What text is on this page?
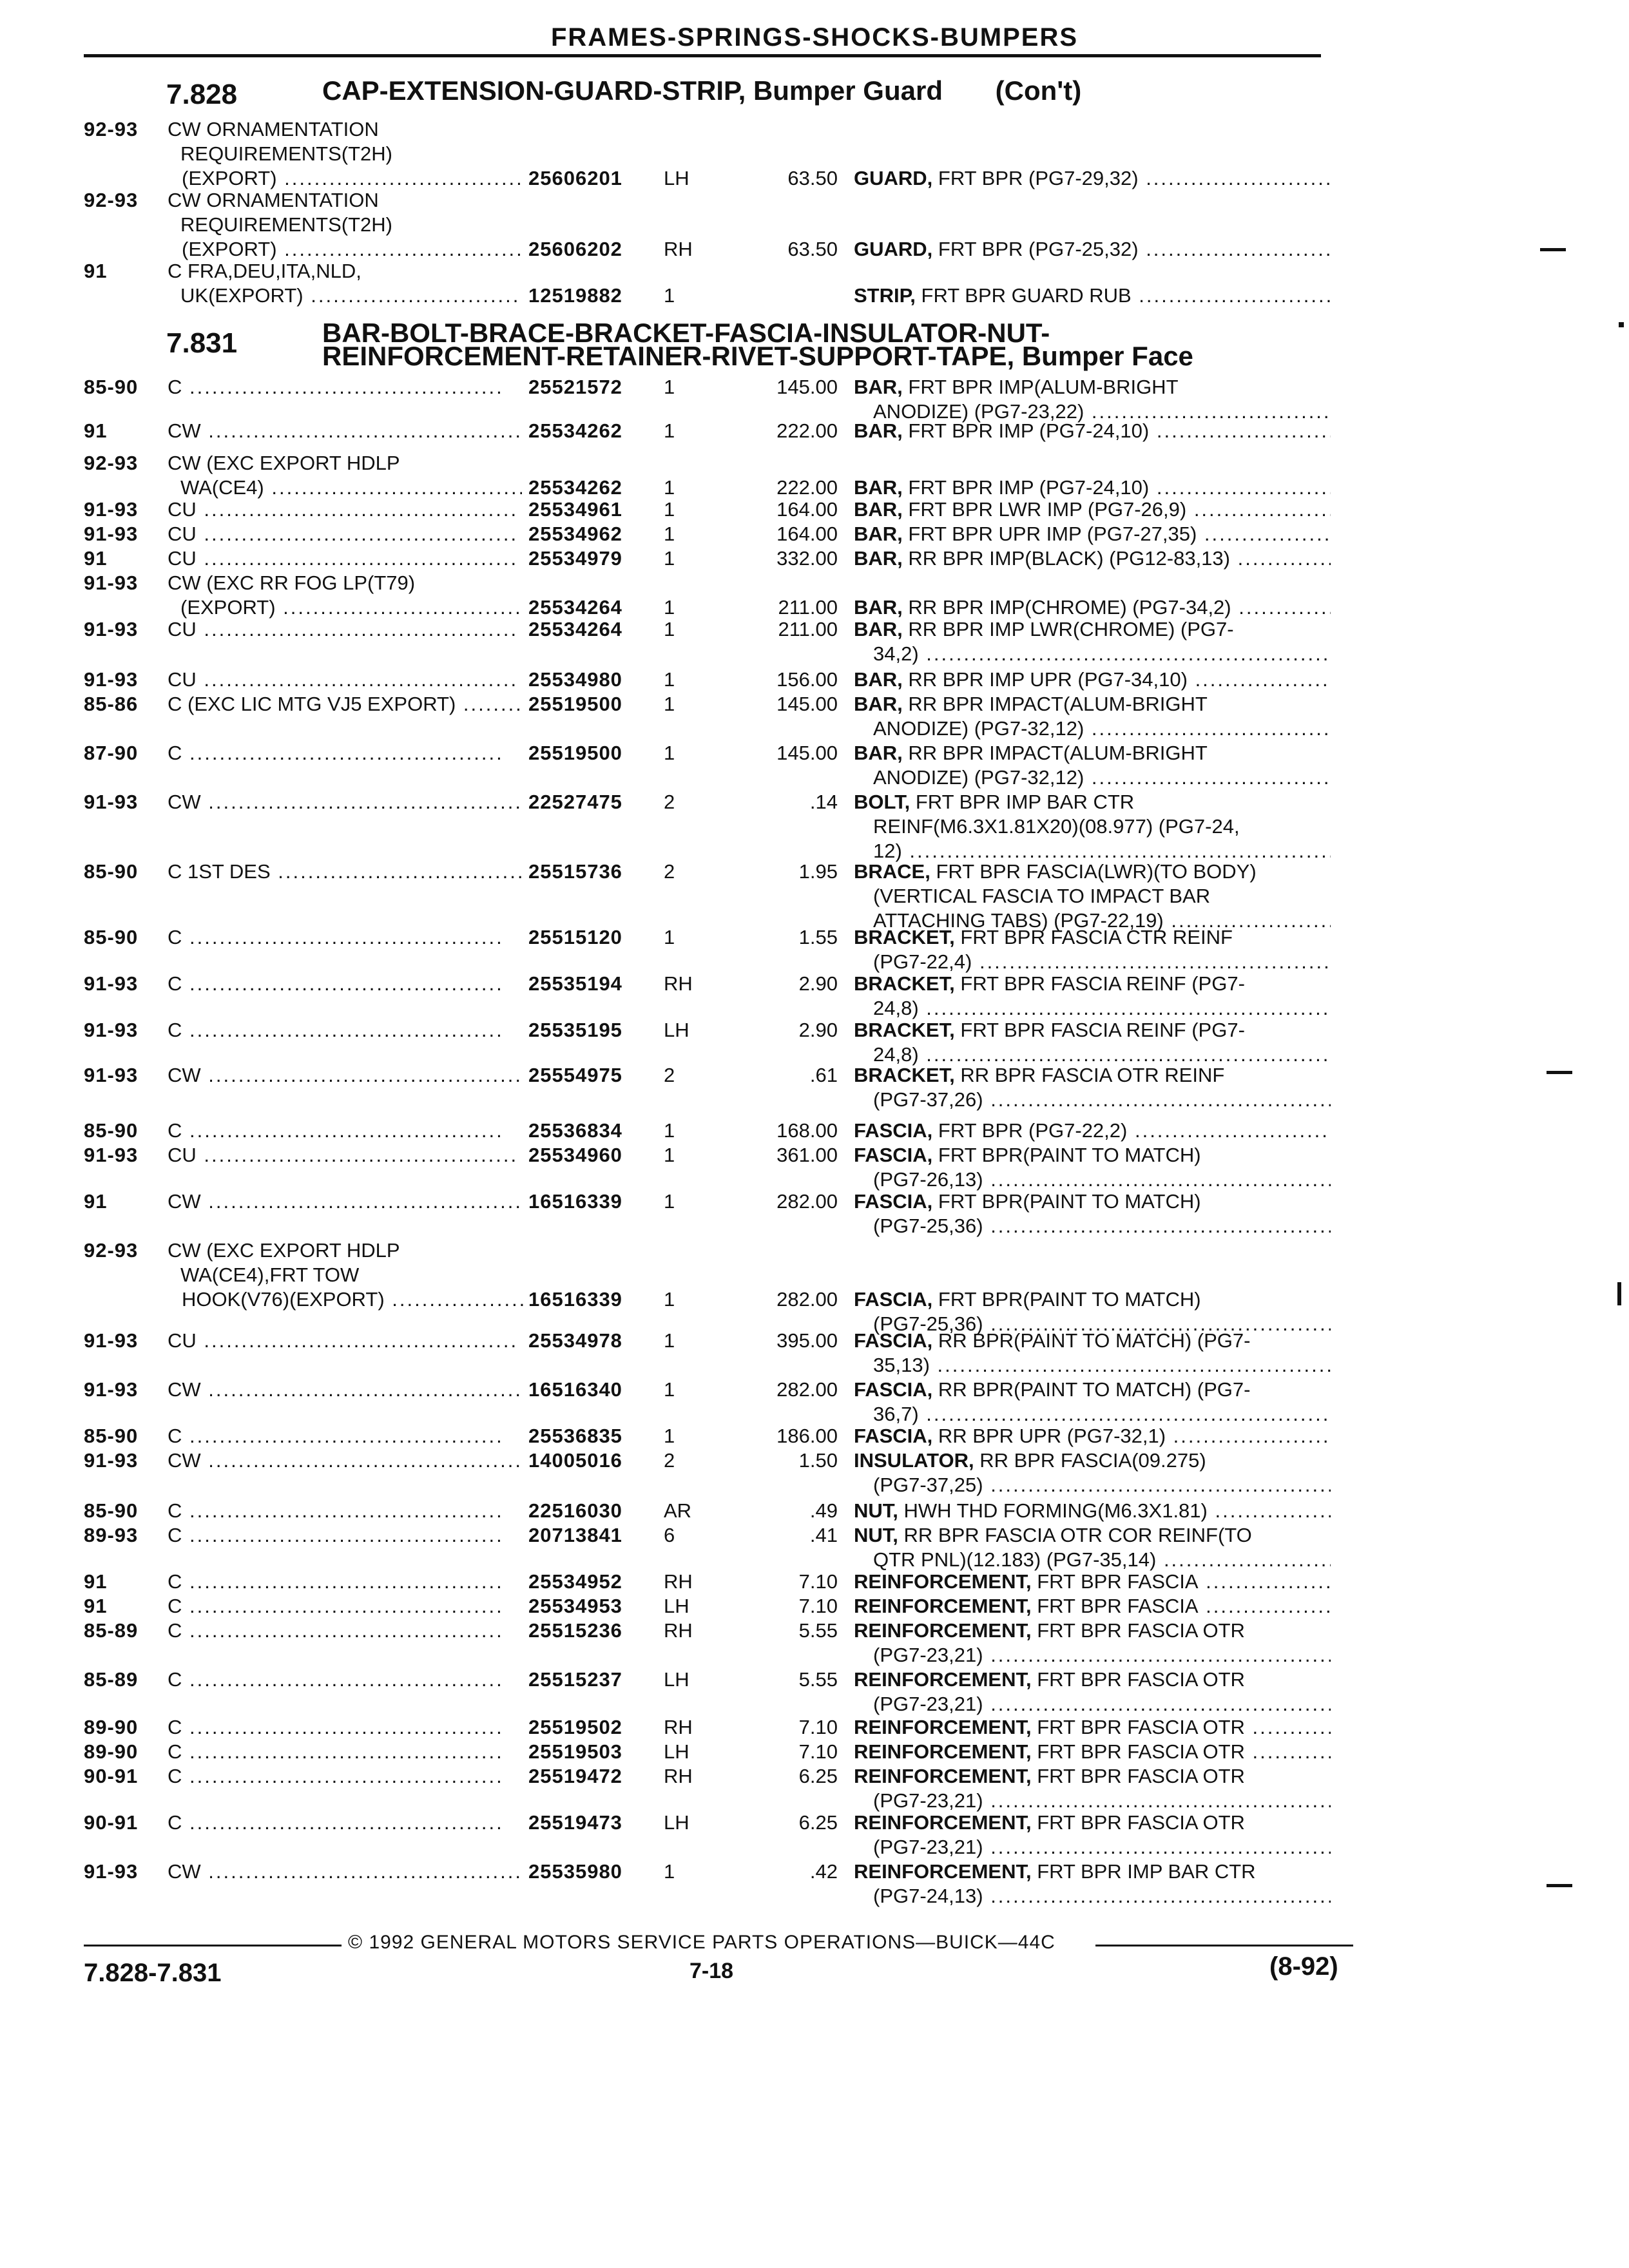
FRAMES-SPRINGS-SHOCKS-BUMPERS
7.828	CAP-EXTENSION-GUARD-STRIP, Bumper Guard (Con't)
7.831	BAR-BOLT-BRACE-BRACKET-FASCIA-INSULATOR-NUT-
REINFORCEMENT-RETAINER-RIVET-SUPPORT-TAPE, Bumper Face
92-93 CW ORNAMENTATION
REQUIREMENTS(T2H)
(EXPORT) .....	25606201 LH	63.50 GUARD, FRT BPR (PG7-29,32) .....
92-93 CW ORNAMENTATION
REQUIREMENTS(T2H)
(EXPORT) .....	25606202 RH	63.50 GUARD, FRT BPR (PG7-25,32) .....
91	C FRA,DEU,ITA,NLD,
UK(EXPORT) .....	12519882 1	STRIP, FRT BPR GUARD RUB .....
85-90 C .....	25521572 1	145.00 BAR, FRT BPR IMP(ALUM-BRIGHT
ANODIZE) (PG7-23,22) .....
91	CW .....	25534262 1	222.00 BAR, FRT BPR IMP (PG7-24,10) .....
92-93 CW (EXC EXPORT HDLP
WA(CE4) .....	25534262 1	222.00 BAR, FRT BPR IMP (PG7-24,10) .....
91-93 CU .....	25534961 1	164.00 BAR, FRT BPR LWR IMP (PG7-26,9) .....
91-93 CU .....	25534962 1	164.00 BAR, FRT BPR UPR IMP (PG7-27,35) .....
91	CU .....	25534979 1	332.00 BAR, RR BPR IMP(BLACK) (PG12-83,13) .....
91-93 CW (EXC RR FOG LP(T79)
(EXPORT) .....	25534264 1	211.00 BAR, RR BPR IMP(CHROME) (PG7-34,2) .....
91-93 CU .....	25534264 1	211.00 BAR, RR BPR IMP LWR(CHROME) (PG7-
34,2) .....
91-93 CU .....	25534980 1	156.00 BAR, RR BPR IMP UPR (PG7-34,10) .....
85-86 C (EXC LIC MTG VJ5 EXPORT) .....	25519500 1	145.00 BAR, RR BPR IMPACT(ALUM-BRIGHT
ANODIZE) (PG7-32,12) .....
87-90 C .....	25519500 1	145.00 BAR, RR BPR IMPACT(ALUM-BRIGHT
ANODIZE) (PG7-32,12) .....
91-93 CW .....	22527475 2	.14 BOLT, FRT BPR IMP BAR CTR
REINF(M6.3X1.81X20)(08.977) (PG7-24,
12) .....
85-90 C 1ST DES .....	25515736 2	1.95 BRACE, FRT BPR FASCIA(LWR)(TO BODY)
(VERTICAL FASCIA TO IMPACT BAR
ATTACHING TABS) (PG7-22,19) .....
85-90 C .....	25515120 1	1.55 BRACKET, FRT BPR FASCIA CTR REINF
(PG7-22,4) .....
91-93 C .....	25535194 RH	2.90 BRACKET, FRT BPR FASCIA REINF (PG7-
24,8) .....
91-93 C .....	25535195 LH	2.90 BRACKET, FRT BPR FASCIA REINF (PG7-
24,8) .....
91-93 CW .....	25554975 2	.61 BRACKET, RR BPR FASCIA OTR REINF
(PG7-37,26) .....
85-90 C .....	25536834 1	168.00 FASCIA, FRT BPR (PG7-22,2) .....
91-93 CU .....	25534960 1	361.00 FASCIA, FRT BPR(PAINT TO MATCH)
(PG7-26,13) .....
91	CW .....	16516339 1	282.00 FASCIA, FRT BPR(PAINT TO MATCH)
(PG7-25,36) .....
92-93 CW (EXC EXPORT HDLP
WA(CE4),FRT TOW
HOOK(V76)(EXPORT) .....	16516339 1	282.00 FASCIA, FRT BPR(PAINT TO MATCH)
(PG7-25,36) .....
91-93 CU .....	25534978 1	395.00 FASCIA, RR BPR(PAINT TO MATCH) (PG7-
35,13) .....
91-93 CW .....	16516340 1	282.00 FASCIA, RR BPR(PAINT TO MATCH) (PG7-
36,7) .....
85-90 C .....	25536835 1	186.00 FASCIA, RR BPR UPR (PG7-32,1) .....
91-93 CW .....	14005016 2	1.50 INSULATOR, RR BPR FASCIA(09.275)
(PG7-37,25) .....
85-90 C .....	22516030 AR	.49 NUT, HWH THD FORMING(M6.3X1.81) .....
89-93 C .....	20713841 6	.41 NUT, RR BPR FASCIA OTR COR REINF(TO
QTR PNL)(12.183) (PG7-35,14) .....
91	C .....	25534952 RH	7.10 REINFORCEMENT, FRT BPR FASCIA .....
91	C .....	25534953 LH	7.10 REINFORCEMENT, FRT BPR FASCIA .....
85-89 C .....	25515236 RH	5.55 REINFORCEMENT, FRT BPR FASCIA OTR
(PG7-23,21) .....
85-89 C .....	25515237 LH	5.55 REINFORCEMENT, FRT BPR FASCIA OTR
(PG7-23,21) .....
89-90 C .....	25519502 RH	7.10 REINFORCEMENT, FRT BPR FASCIA OTR .....
89-90 C .....	25519503 LH	7.10 REINFORCEMENT, FRT BPR FASCIA OTR .....
90-91 C .....	25519472 RH	6.25 REINFORCEMENT, FRT BPR FASCIA OTR
(PG7-23,21) .....
90-91 C .....	25519473 LH	6.25 REINFORCEMENT, FRT BPR FASCIA OTR
(PG7-23,21) .....
91-93 CW .....	25535980 1	.42 REINFORCEMENT, FRT BPR IMP BAR CTR
(PG7-24,13) .....
© 1992 GENERAL MOTORS SERVICE PARTS OPERATIONS—BUICK—44C
7.828-7.831	7-18	(8-92)
